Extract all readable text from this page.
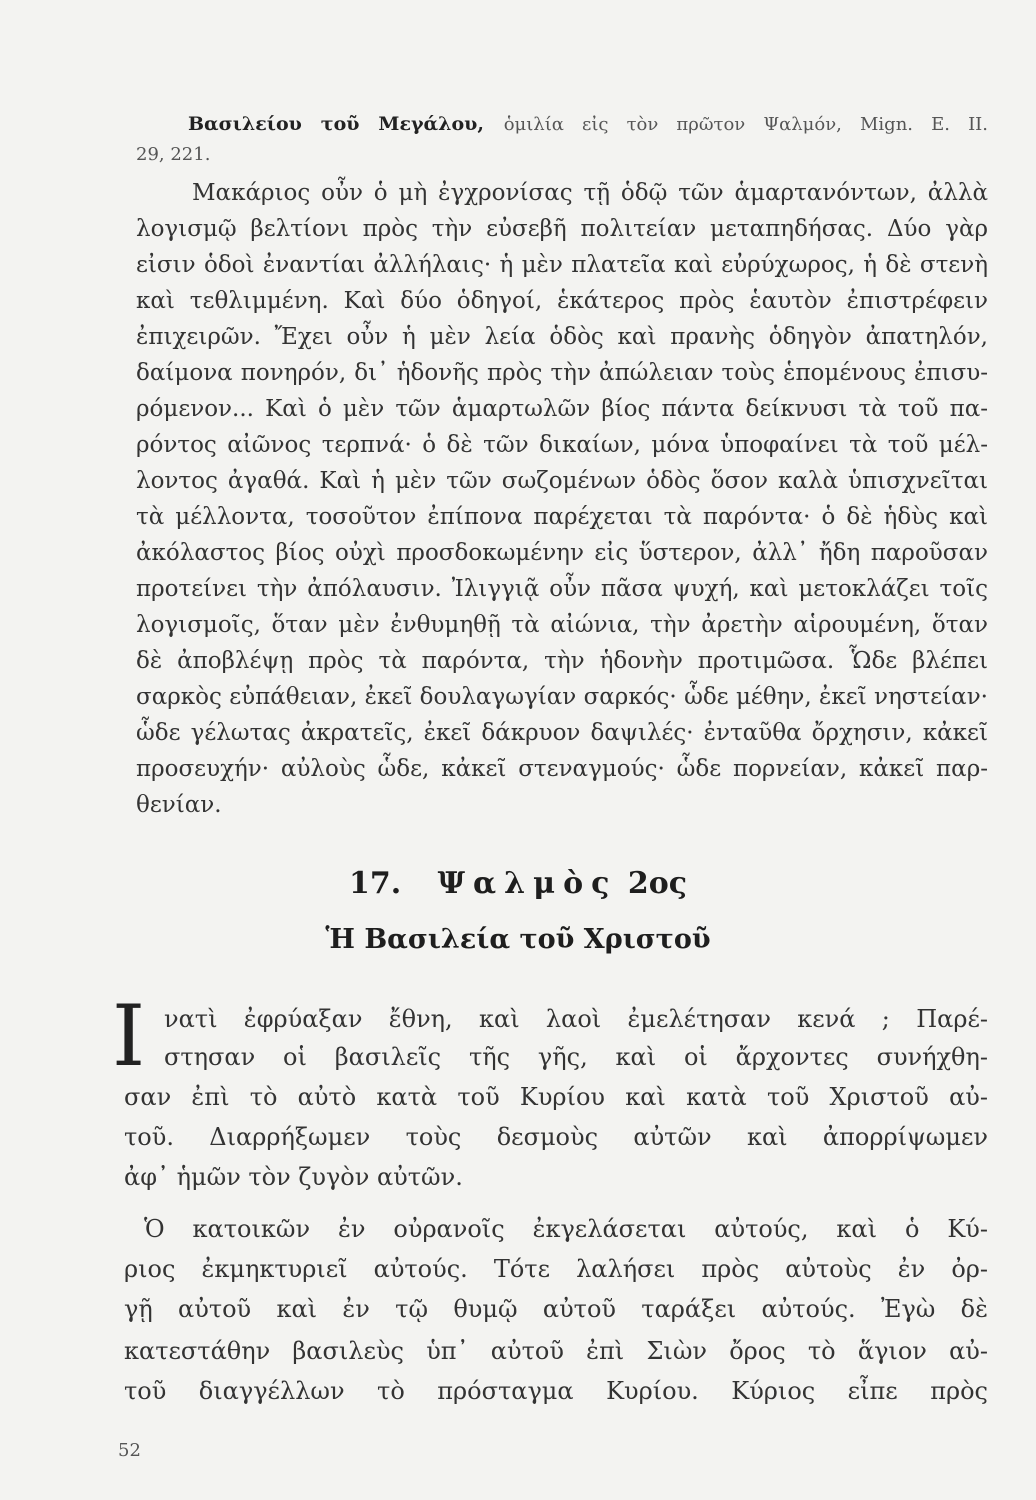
Βασιλείου τοῦ Μεγάλου, ὁμιλία εἰς τὸν πρῶτον Ψαλμόν, Mign. E. II.
29, 221.
Μακάριος οὖν ὁ μὴ ἐγχρονίσας τῇ ὁδῷ τῶν ἁμαρτανόντων, ἀλλὰ
λογισμῷ βελτίονι πρὸς τὴν εὐσεβῆ πολιτείαν μεταπηδήσας. Δύο γὰρ
εἰσιν ὁδοὶ ἐναντίαι ἀλλήλαις· ἡ μὲν πλατεῖα καὶ εὐρύχωρος, ἡ δὲ στενὴ
καὶ τεθλιμμένη. Καὶ δύο ὁδηγοί, ἑκάτερος πρὸς ἑαυτὸν ἐπιστρέφειν
ἐπιχειρῶν. Ἔχει οὖν ἡ μὲν λεία ὁδὸς καὶ πρανὴς ὁδηγὸν ἀπατηλόν,
δαίμονα πονηρόν, δι᾽ ἡδονῆς πρὸς τὴν ἀπώλειαν τοὺς ἑπομένους ἐπισυ-
ρόμενον... Καὶ ὁ μὲν τῶν ἁμαρτωλῶν βίος πάντα δείκνυσι τὰ τοῦ πα-
ρόντος αἰῶνος τερπνά· ὁ δὲ τῶν δικαίων, μόνα ὑποφαίνει τὰ τοῦ μέλ-
λοντος ἀγαθά. Καὶ ἡ μὲν τῶν σωζομένων ὁδὸς ὅσον καλὰ ὑπισχνεῖται
τὰ μέλλοντα, τοσοῦτον ἐπίπονα παρέχεται τὰ παρόντα· ὁ δὲ ἡδὺς καὶ
ἀκόλαστος βίος οὐχὶ προσδοκωμένην εἰς ὕστερον, ἀλλ᾽ ἤδη παροῦσαν
προτείνει τὴν ἀπόλαυσιν. Ἰλιγγιᾷ οὖν πᾶσα ψυχή, καὶ μετοκλάζει τοῖς
λογισμοῖς, ὅταν μὲν ἐνθυμηθῇ τὰ αἰώνια, τὴν ἀρετὴν αἱρουμένη, ὅταν
δὲ ἀποβλέψῃ πρὸς τὰ παρόντα, τὴν ἡδονὴν προτιμῶσα. Ὧδε βλέπει
σαρκὸς εὐπάθειαν, ἐκεῖ δουλαγωγίαν σαρκός· ὧδε μέθην, ἐκεῖ νηστείαν·
ὧδε γέλωτας ἀκρατεῖς, ἐκεῖ δάκρυον δαψιλές· ἐνταῦθα ὄρχησιν, κἀκεῖ
προσευχήν· αὐλοὺς ὧδε, κἀκεῖ στεναγμούς· ὧδε πορνείαν, κἀκεῖ παρ-
θενίαν.
17. Ψαλμὸς 2ος
Ἡ Βασιλεία τοῦ Χριστοῦ
Ι νατὶ ἐφρύαξαν ἔθνη, καὶ λαοὶ ἐμελέτησαν κενά ; Παρέ-
στησαν οἱ βασιλεῖς τῆς γῆς, καὶ οἱ ἄρχοντες συνήχθη-
σαν ἐπὶ τὸ αὐτὸ κατὰ τοῦ Κυρίου καὶ κατὰ τοῦ Χριστοῦ αὐ-
τοῦ. Διαρρήξωμεν τοὺς δεσμοὺς αὐτῶν καὶ ἀπορρίψωμεν
ἀφ᾽ ἡμῶν τὸν ζυγὸν αὐτῶν.
Ὁ κατοικῶν ἐν οὐρανοῖς ἐκγελάσεται αὐτούς, καὶ ὁ Κύ-
ριος ἐκμηκτυριεῖ αὐτούς. Τότε λαλήσει πρὸς αὐτοὺς ἐν ὀρ-
γῇ αὐτοῦ καὶ ἐν τῷ θυμῷ αὐτοῦ ταράξει αὐτούς. Ἐγὼ δὲ
κατεστάθην βασιλεὺς ὑπ᾽ αὐτοῦ ἐπὶ Σιὼν ὄρος τὸ ἅγιον αὐ-
τοῦ διαγγέλλων τὸ πρόσταγμα Κυρίου. Κύριος εἶπε πρὸς
52
